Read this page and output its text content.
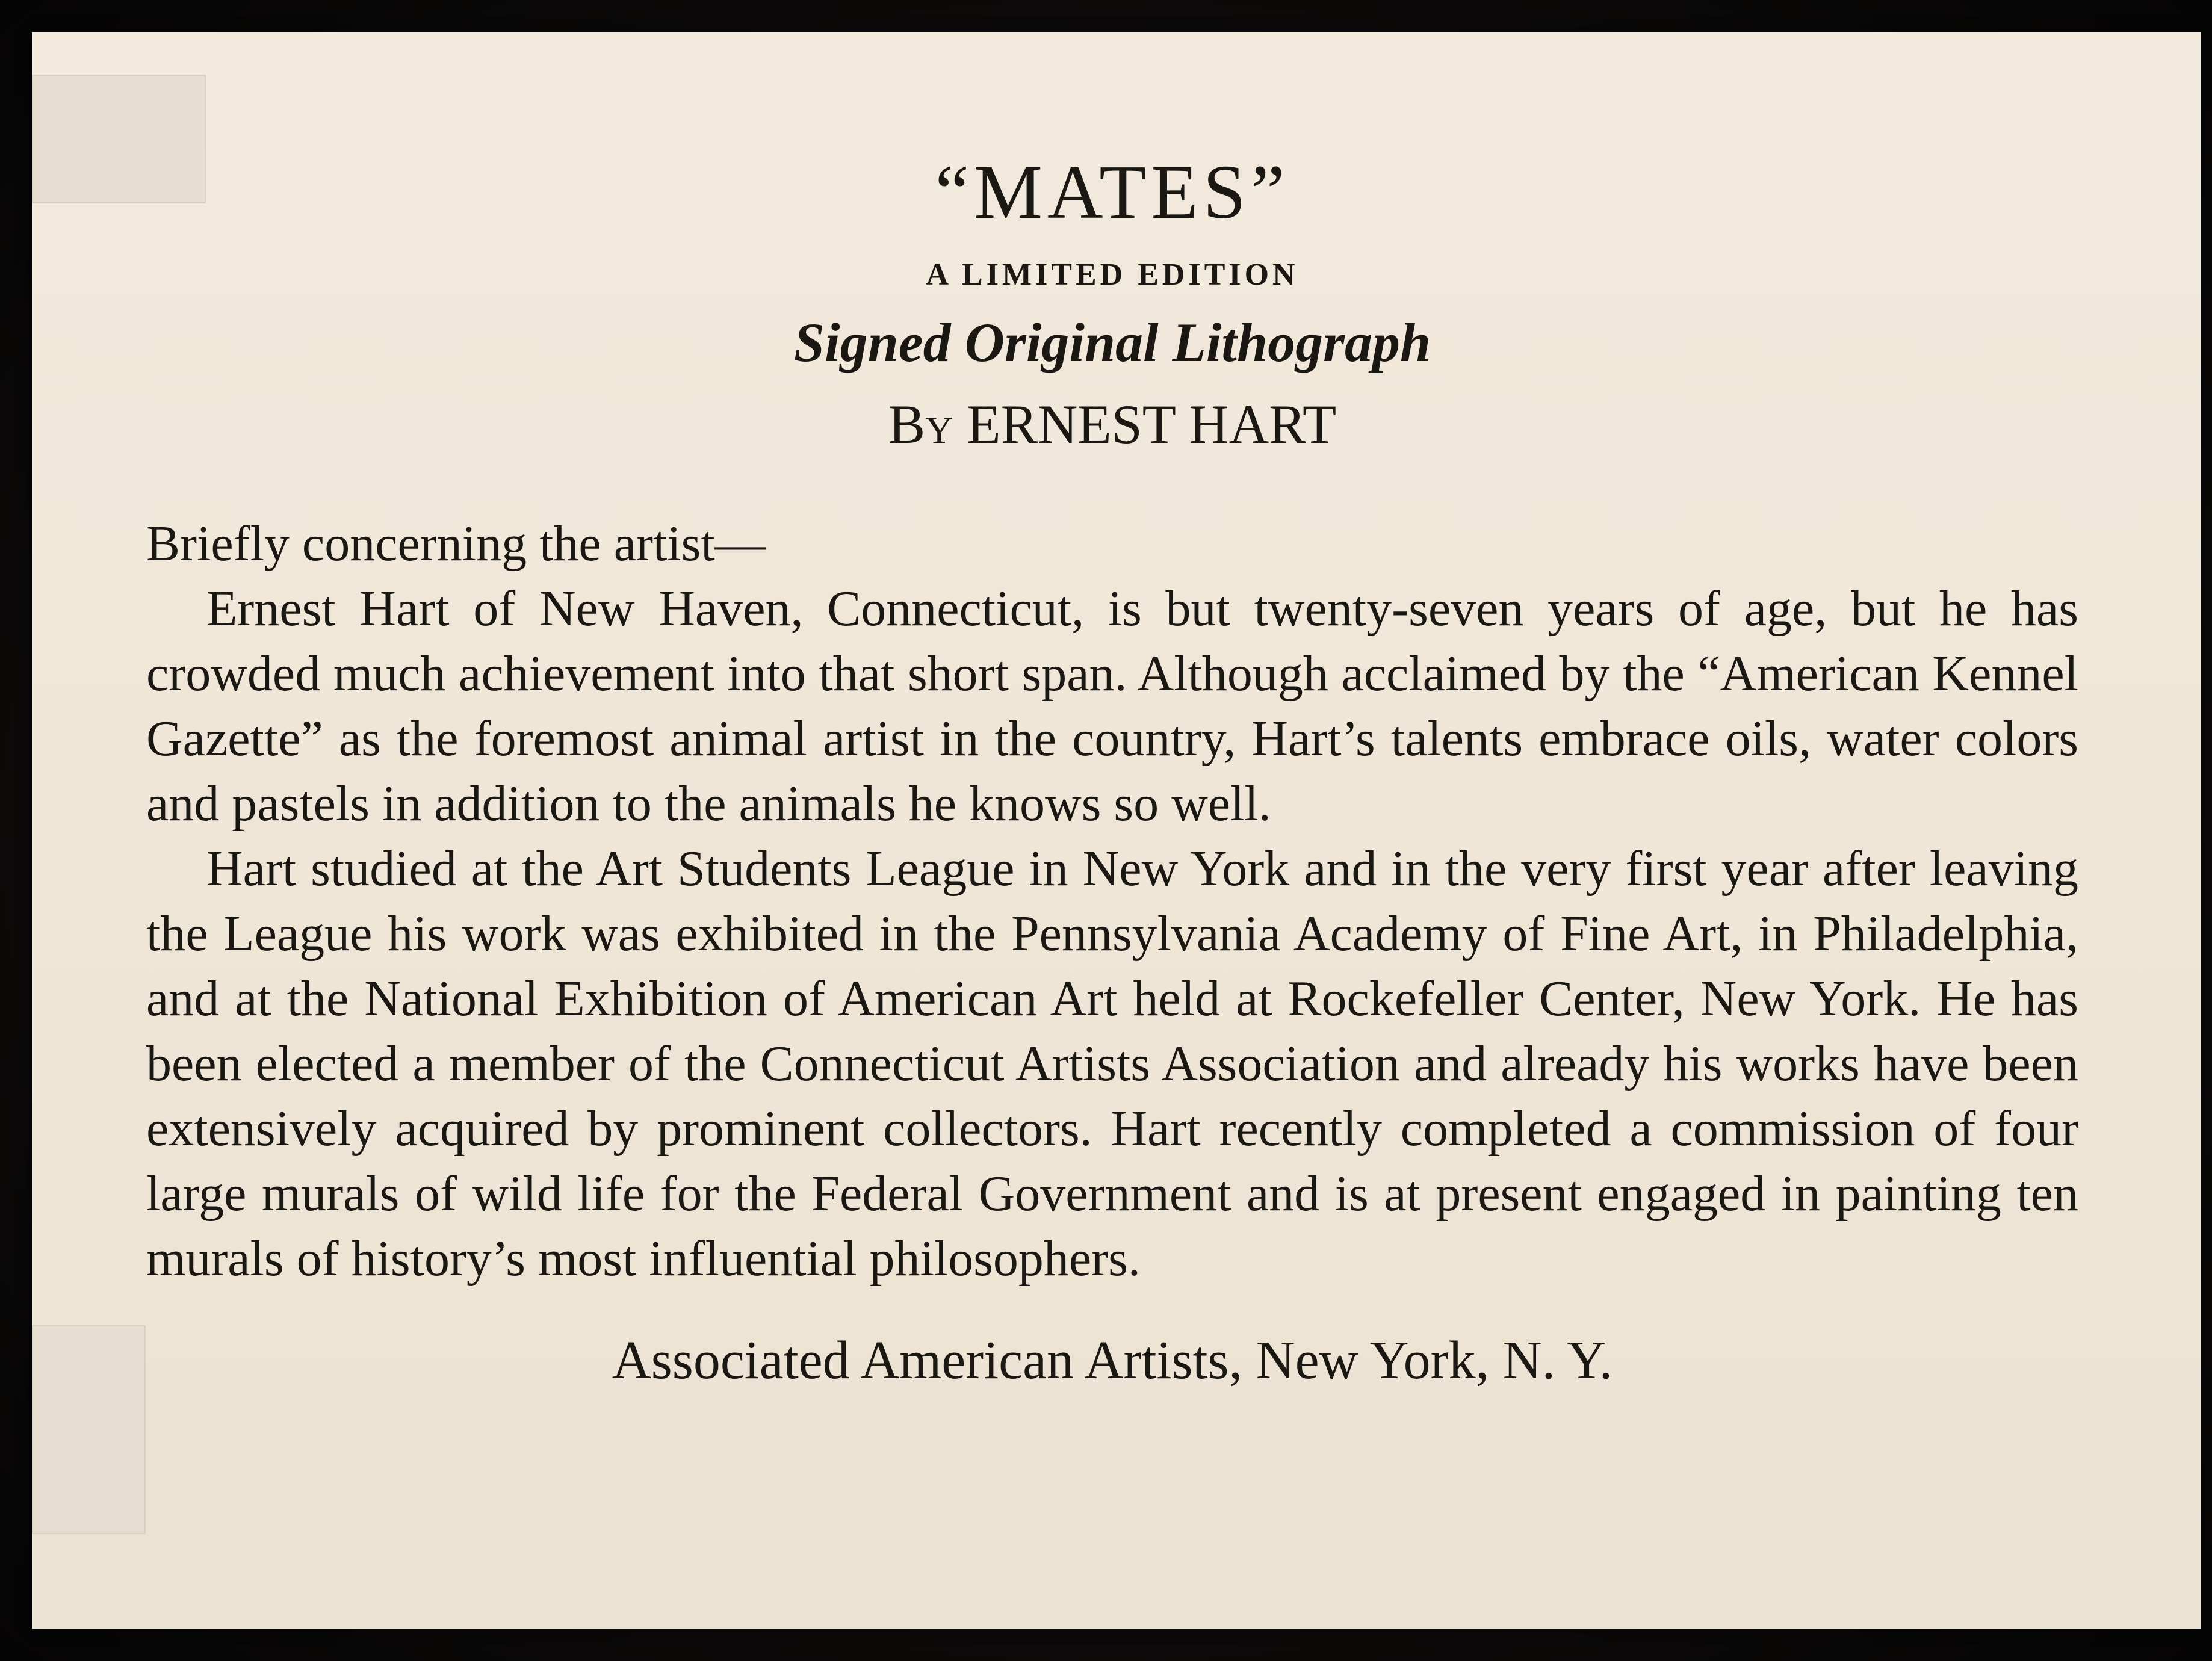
“MATES”
A LIMITED EDITION
Signed Original Lithograph
By ERNEST HART

Briefly concerning the artist—

Ernest Hart of New Haven, Connecticut, is but twenty-seven years of age, but he has crowded much achievement into that short span. Although acclaimed by the “American Kennel Gazette” as the foremost animal artist in the country, Hart’s talents embrace oils, water colors and pastels in addition to the animals he knows so well.

Hart studied at the Art Students League in New York and in the very first year after leaving the League his work was exhibited in the Pennsylvania Academy of Fine Art, in Philadelphia, and at the National Exhibition of American Art held at Rockefeller Center, New York. He has been elected a member of the Connecticut Artists Association and already his works have been extensively acquired by prominent collectors. Hart recently completed a commission of four large murals of wild life for the Federal Government and is at present engaged in painting ten murals of history’s most influential philosophers.

Associated American Artists, New York, N. Y.
